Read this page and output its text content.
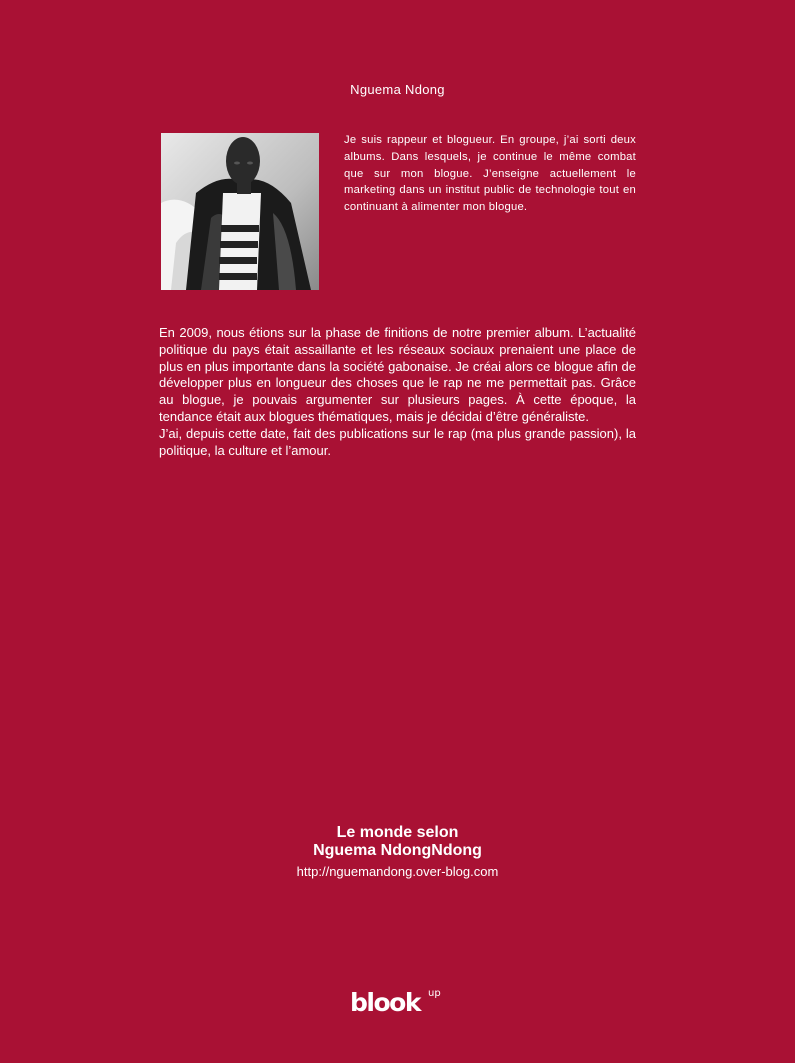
Nguema Ndong
Je suis rappeur et blogueur. En groupe, j’ai sorti deux albums. Dans lesquels, je continue le même combat que sur mon blogue. J’enseigne actuellement le marketing dans un institut public de technologie tout en continuant à alimenter mon blogue.

En 2009, nous étions sur la phase de finitions de notre premier album. L’actualité politique du pays était assaillante et les réseaux sociaux prenaient une place de plus en plus importante dans la société gabonaise. Je créai alors ce blogue afin de développer plus en longueur des choses que le rap ne me permettait pas. Grâce au blogue, je pouvais argumenter sur plusieurs pages. À cette époque, la tendance était aux blogues thématiques, mais je décidai d’être généraliste.

J’ai, depuis cette date, fait des publications sur le rap (ma plus grande passion), la politique, la culture et l’amour.

Le monde selon
Nguema NdongNdong
http://nguemandong.over-blog.com
blook up
